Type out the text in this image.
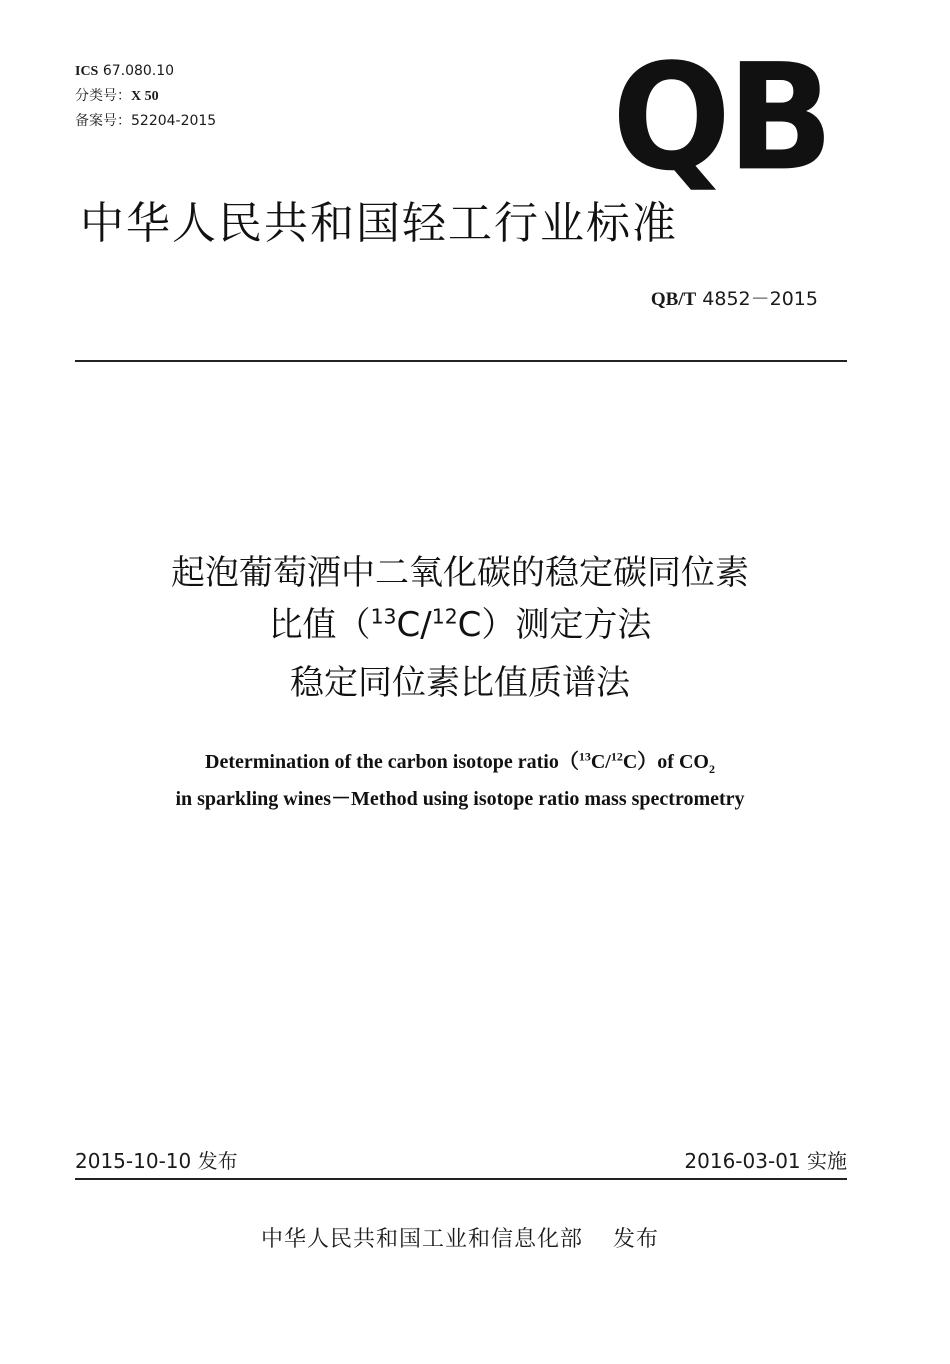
ICS 67.080.10
分类号：X 50
备案号：52204-2015	QB
中华人民共和国轻工行业标准
QB/T 4852－2015
起泡葡萄酒中二氧化碳的稳定碳同位素
比值（$^{13}$C/$^{12}$C）测定方法
稳定同位素比值质谱法
Determination of the carbon isotope ratio（$^{13}$C/$^{12}$C）of $CO_2$
in sparkling wines－Method using isotope ratio mass spectrometry
2015-10-10 发布	2016-03-01 实施
中华人民共和国工业和信息化部 发布
